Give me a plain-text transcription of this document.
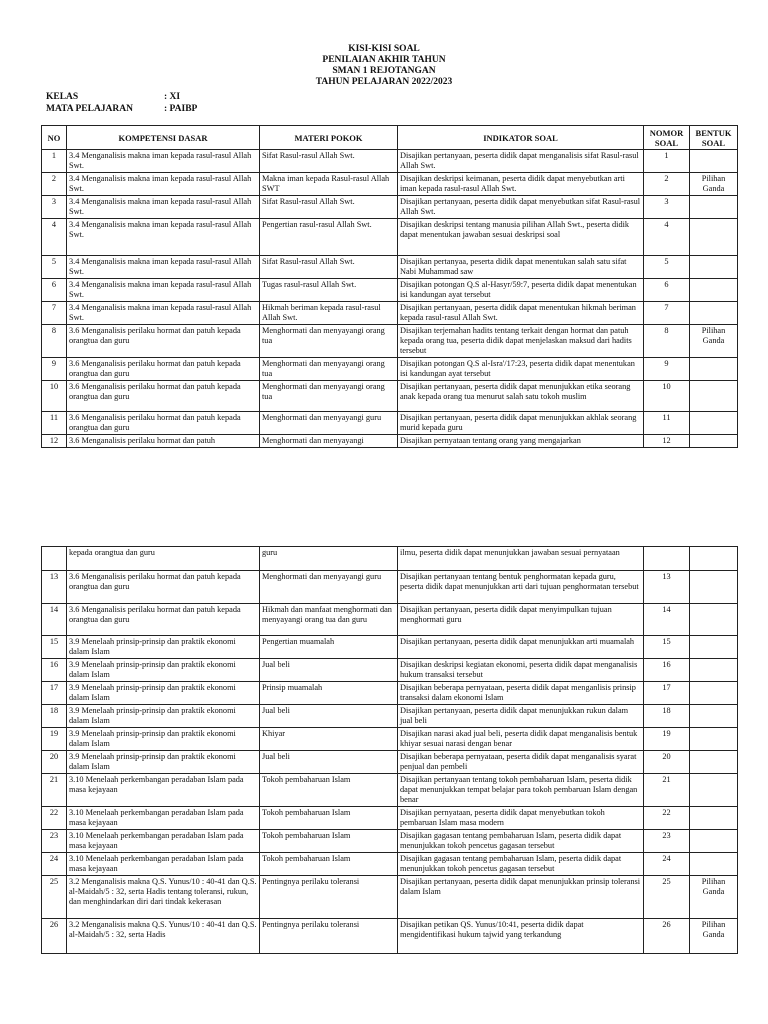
KISI-KISI SOAL
PENILAIAN AKHIR TAHUN
SMAN 1 REJOTANGAN
TAHUN PELAJARAN 2022/2023
KELAS	: XI
MATA PELAJARAN	: PAIBP
NO	KOMPETENSI DASAR	MATERI POKOK	INDIKATOR SOAL	NOMOR SOAL	BENTUK SOAL
1	3.4 Menganalisis makna iman kepada rasul-rasul Allah Swt.	Sifat Rasul-rasul Allah Swt.	Disajikan pertanyaan, peserta didik dapat menganalisis sifat Rasul-rasul Allah Swt.	1	
2	3.4 Menganalisis makna iman kepada rasul-rasul Allah Swt.	Makna iman kepada Rasul-rasul Allah SWT	Disajikan deskripsi keimanan, peserta didik dapat menyebutkan arti iman kepada rasul-rasul Allah Swt.	2	Pilihan Ganda
3	3.4 Menganalisis makna iman kepada rasul-rasul Allah Swt.	Sifat Rasul-rasul Allah Swt.	Disajikan pertanyaan, peserta didik dapat menyebutkan sifat Rasul-rasul Allah Swt.	3	
4	3.4 Menganalisis makna iman kepada rasul-rasul Allah Swt.	Pengertian rasul-rasul Allah Swt.	Disajikan deskripsi tentang manusia pilihan Allah Swt., peserta didik dapat menentukan jawaban sesuai deskripsi soal	4	
5	3.4 Menganalisis makna iman kepada rasul-rasul Allah Swt.	Sifat Rasul-rasul Allah Swt.	Disajikan pertanyaa, peserta didik dapat menentukan salah satu sifat Nabi Muhammad saw	5	
6	3.4 Menganalisis makna iman kepada rasul-rasul Allah Swt.	Tugas rasul-rasul Allah Swt.	Disajikan potongan Q.S al-Hasyr/59:7, peserta didik dapat menentukan isi kandungan ayat tersebut	6	
7	3.4 Menganalisis makna iman kepada rasul-rasul Allah Swt.	Hikmah beriman kepada rasul-rasul Allah Swt.	Disajikan pertanyaan, peserta didik dapat menentukan hikmah beriman kepada rasul-rasul Allah Swt.	7	
8	3.6 Menganalisis perilaku hormat dan patuh kepada orangtua dan guru	Menghormati dan menyayangi orang tua	Disajikan terjemahan hadits tentang terkait dengan hormat dan patuh kepada orang tua, peserta didik dapat menjelaskan maksud dari hadits tersebut	8	Pilihan Ganda
9	3.6 Menganalisis perilaku hormat dan patuh kepada orangtua dan guru	Menghormati dan menyayangi orang tua	Disajikan potongan Q.S al-Isra'/17:23, peserta didik dapat menentukan isi kandungan ayat tersebut	9	
10	3.6 Menganalisis perilaku hormat dan patuh kepada orangtua dan guru	Menghormati dan menyayangi orang tua	Disajikan pertanyaan, peserta didik dapat menunjukkan etika seorang anak kepada orang tua menurut salah satu tokoh muslim	10	
11	3.6 Menganalisis perilaku hormat dan patuh kepada orangtua dan guru	Menghormati dan menyayangi guru	Disajikan pertanyaan, peserta didik dapat menunjukkan akhlak seorang murid kepada guru	11	
12	3.6 Menganalisis perilaku hormat dan patuh	Menghormati dan menyayangi	Disajikan pernyataan tentang orang yang mengajarkan	12	
	kepada orangtua dan guru	guru	ilmu, peserta didik dapat menunjukkan jawaban sesuai pernyataan		
13	3.6 Menganalisis perilaku hormat dan patuh kepada orangtua dan guru	Menghormati dan menyayangi guru	Disajikan pertanyaan tentang bentuk penghormatan kepada guru, peserta didik dapat menunjukkan arti dari tujuan penghormatan tersebut	13	
14	3.6 Menganalisis perilaku hormat dan patuh kepada orangtua dan guru	Hikmah dan manfaat menghormati dan menyayangi orang tua dan guru	Disajikan pertanyaan, peserta didik dapat menyimpulkan tujuan menghormati guru	14	
15	3.9 Menelaah prinsip-prinsip dan praktik ekonomi dalam Islam	Pengertian muamalah	Disajikan pertanyaan, peserta didik dapat menunjukkan arti muamalah	15	
16	3.9 Menelaah prinsip-prinsip dan praktik ekonomi dalam Islam	Jual beli	Disajikan deskripsi kegiatan ekonomi, peserta didik dapat menganalisis hukum transaksi tersebut	16	
17	3.9 Menelaah prinsip-prinsip dan praktik ekonomi dalam Islam	Prinsip muamalah	Disajikan beberapa pernyataan, peserta didik dapat menganlisis prinsip transaksi dalam ekonomi Islam	17	
18	3.9 Menelaah prinsip-prinsip dan praktik ekonomi dalam Islam	Jual beli	Disajikan pertanyaan, peserta didik dapat menunjukkan rukun dalam jual beli	18	
19	3.9 Menelaah prinsip-prinsip dan praktik ekonomi dalam Islam	Khiyar	Disajikan narasi akad jual beli, peserta didik dapat menganalisis bentuk khiyar sesuai narasi dengan benar	19	
20	3.9 Menelaah prinsip-prinsip dan praktik ekonomi dalam Islam	Jual beli	Disajikan beberapa pernyataan, peserta didik dapat menganalisis syarat penjual dan pembeli	20	
21	3.10 Menelaah perkembangan peradaban Islam pada masa kejayaan	Tokoh pembaharuan Islam	Disajikan pertanyaan tentang tokoh pembaharuan Islam, peserta didik dapat menunjukkan tempat belajar para tokoh pembaruan Islam dengan benar	21	
22	3.10 Menelaah perkembangan peradaban Islam pada masa kejayaan	Tokoh pembaharuan Islam	Disajikan pernyataan, peserta didik dapat menyebutkan tokoh pembaruan Islam masa modern	22	
23	3.10 Menelaah perkembangan peradaban Islam pada masa kejayaan	Tokoh pembaharuan Islam	Disajikan gagasan tentang pembaharuan Islam, peserta didik dapat menunjukkan tokoh pencetus gagasan tersebut	23	
24	3.10 Menelaah perkembangan peradaban Islam pada masa kejayaan	Tokoh pembaharuan Islam	Disajikan gagasan tentang pembaharuan Islam, peserta didik dapat menunjukkan tokoh pencetus gagasan tersebut	24	
25	3.2 Menganalisis makna Q.S. Yunus/10 : 40-41 dan Q.S. al-Maidah/5 : 32, serta Hadis tentang toleransi, rukun, dan menghindarkan diri dari tindak kekerasan	Pentingnya perilaku toleransi	Disajikan pertanyaan, peserta didik dapat menunjukkan prinsip toleransi dalam Islam	25	Pilihan Ganda
26	3.2 Menganalisis makna Q.S. Yunus/10 : 40-41 dan Q.S. al-Maidah/5 : 32, serta Hadis	Pentingnya perilaku toleransi	Disajikan petikan QS. Yunus/10:41, peserta didik dapat mengidentifikasi hukum tajwid yang terkandung	26	Pilihan Ganda
